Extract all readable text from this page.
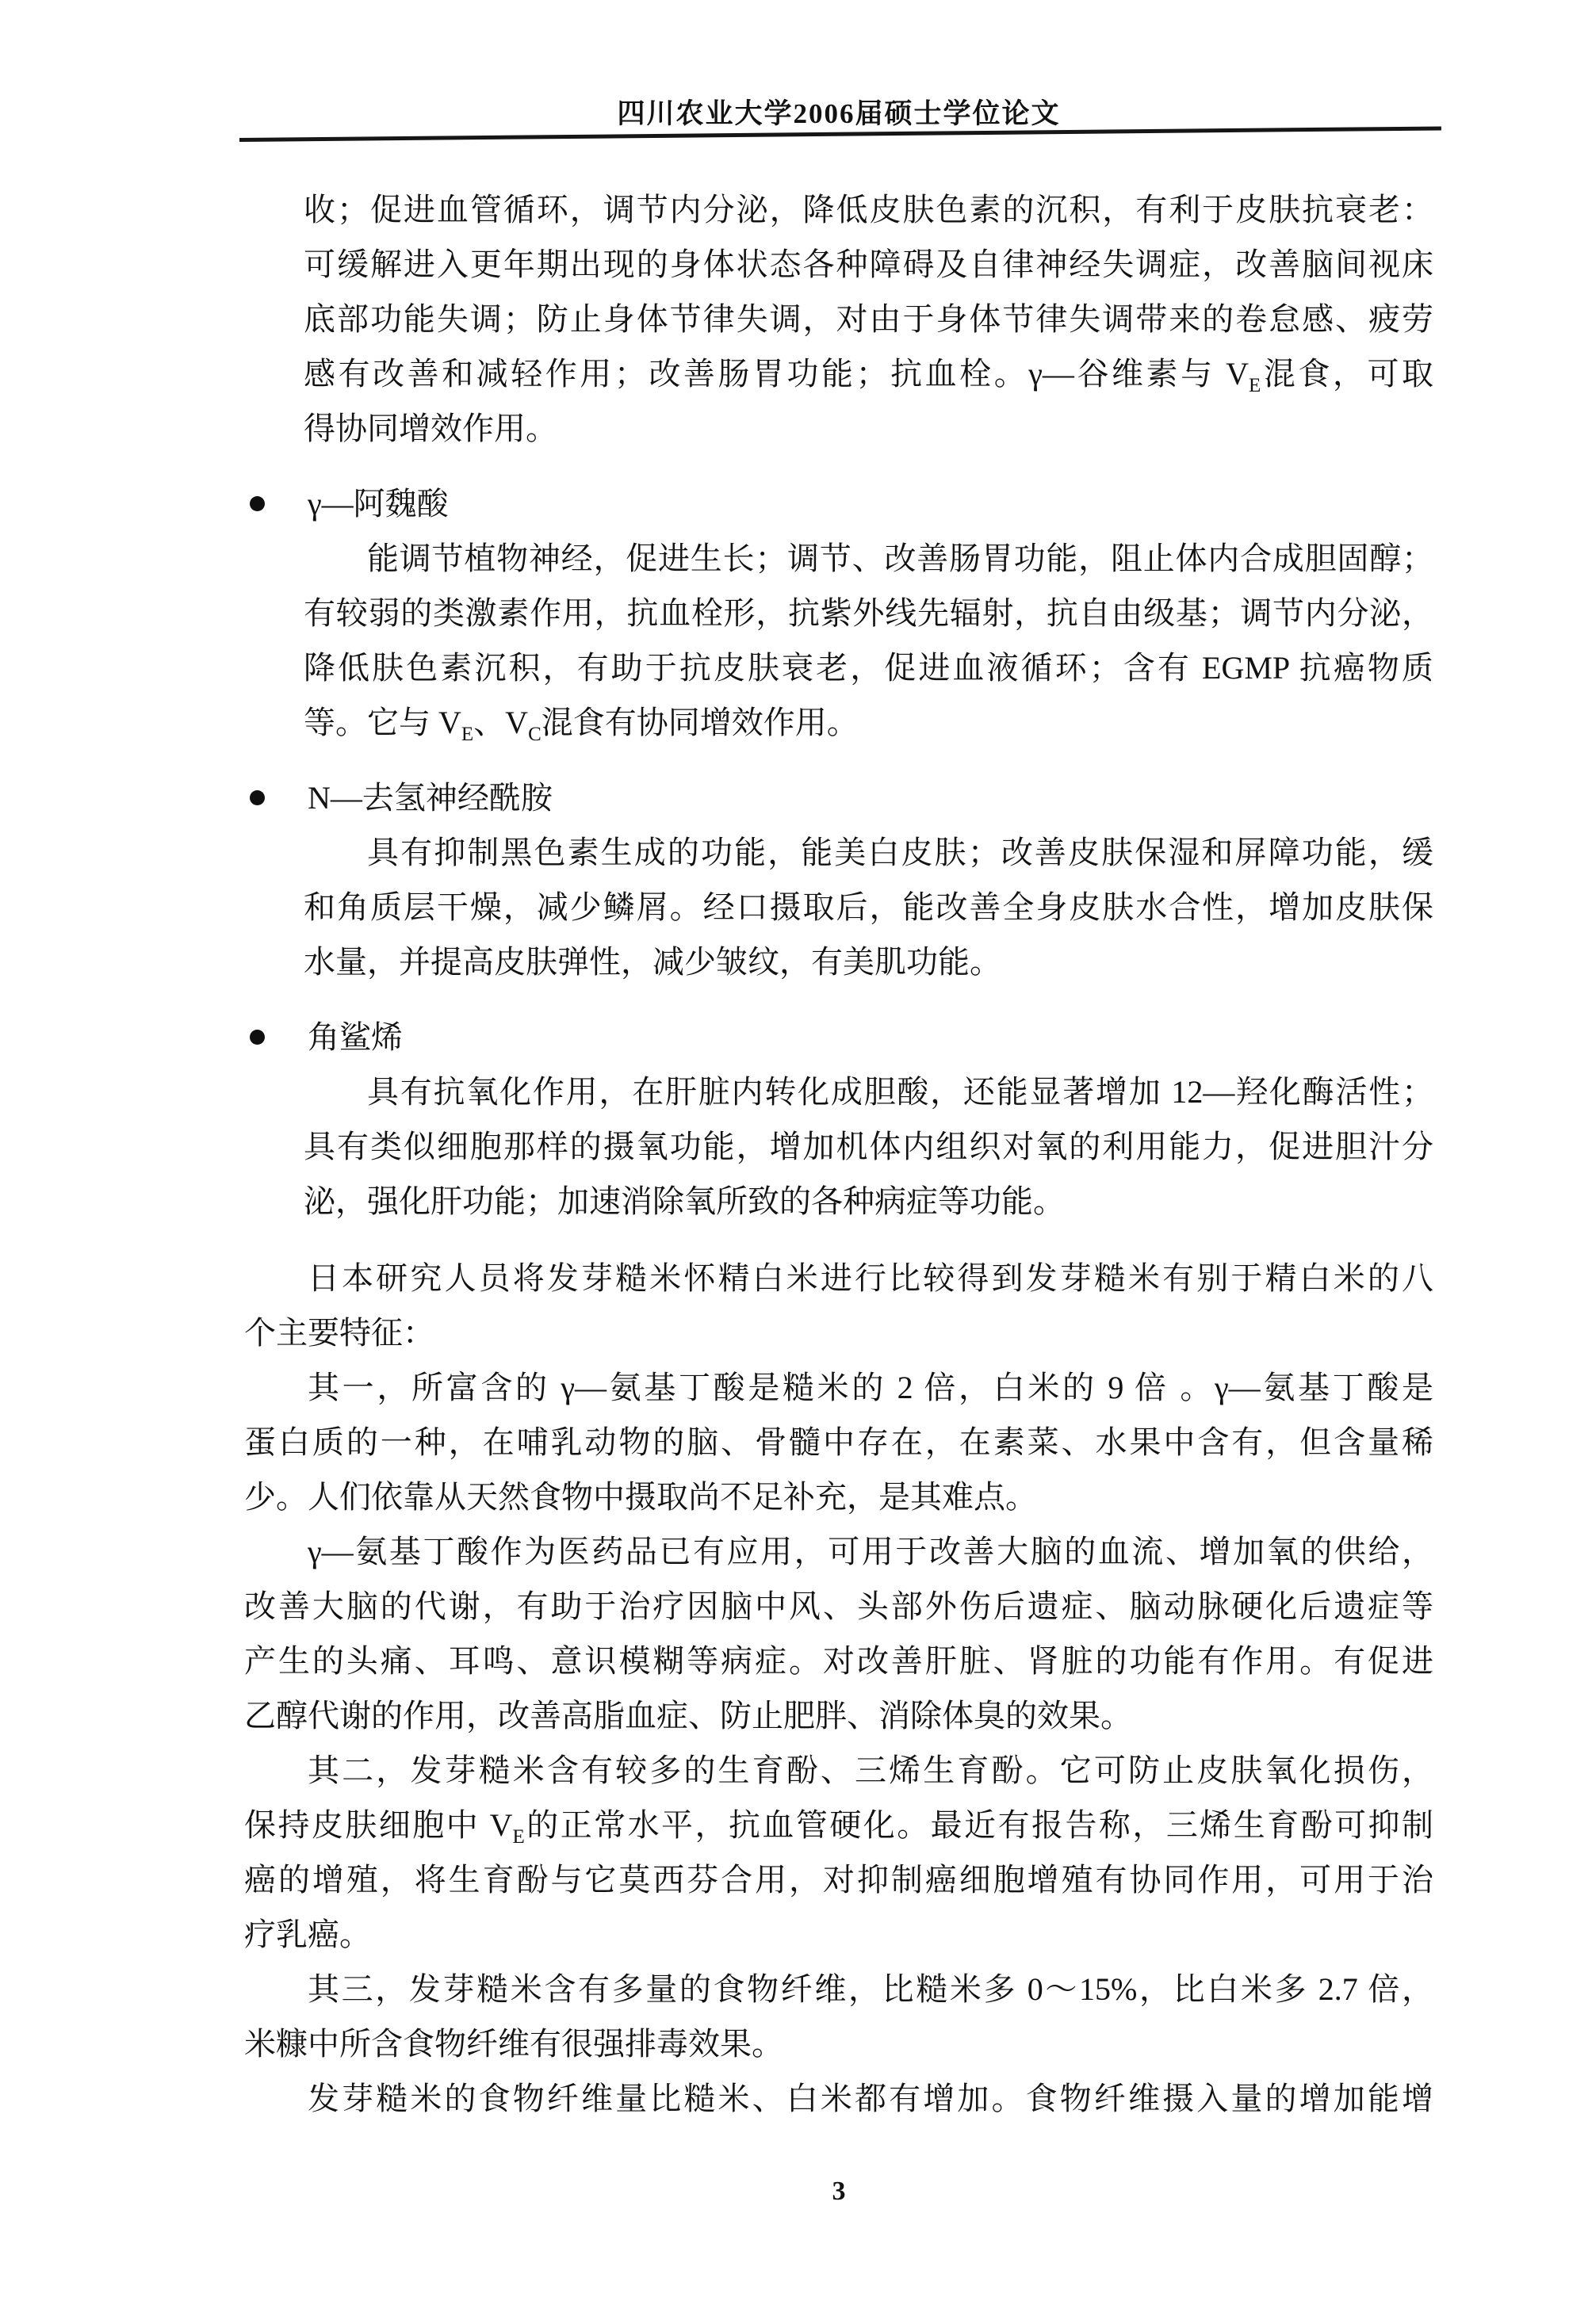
四川农业大学2006届硕士学位论文
收；促进血管循环，调节内分泌，降低皮肤色素的沉积，有利于皮肤抗衰老：
可缓解进入更年期出现的身体状态各种障碍及自律神经失调症，改善脑间视床
底部功能失调；防止身体节律失调，对由于身体节律失调带来的卷怠感、疲劳
感有改善和减轻作用；改善肠胃功能；抗血栓。γ—谷维素与 $V_E$混食，可取
得协同增效作用。
γ—阿魏酸
能调节植物神经，促进生长；调节、改善肠胃功能，阻止体内合成胆固醇；
有较弱的类激素作用，抗血栓形，抗紫外线先辐射，抗自由级基；调节内分泌，
降低肤色素沉积，有助于抗皮肤衰老，促进血液循环；含有 EGMP 抗癌物质
等。它与 $V_E$、$V_C$混食有协同增效作用。
N—去氢神经酰胺
具有抑制黑色素生成的功能，能美白皮肤；改善皮肤保湿和屏障功能，缓
和角质层干燥，减少鳞屑。经口摄取后，能改善全身皮肤水合性，增加皮肤保
水量，并提高皮肤弹性，减少皱纹，有美肌功能。
角鲨烯
具有抗氧化作用，在肝脏内转化成胆酸，还能显著增加 12—羟化酶活性；
具有类似细胞那样的摄氧功能，增加机体内组织对氧的利用能力，促进胆汁分
泌，强化肝功能；加速消除氧所致的各种病症等功能。
日本研究人员将发芽糙米怀精白米进行比较得到发芽糙米有别于精白米的八
个主要特征：
其一，所富含的 γ—氨基丁酸是糙米的 2 倍，白米的 9 倍 。γ—氨基丁酸是
蛋白质的一种，在哺乳动物的脑、骨髓中存在，在素菜、水果中含有，但含量稀
少。人们依靠从天然食物中摄取尚不足补充，是其难点。
γ—氨基丁酸作为医药品已有应用，可用于改善大脑的血流、增加氧的供给，
改善大脑的代谢，有助于治疗因脑中风、头部外伤后遗症、脑动脉硬化后遗症等
产生的头痛、耳鸣、意识模糊等病症。对改善肝脏、肾脏的功能有作用。有促进
乙醇代谢的作用，改善高脂血症、防止肥胖、消除体臭的效果。
其二，发芽糙米含有较多的生育酚、三烯生育酚。它可防止皮肤氧化损伤，
保持皮肤细胞中 $V_E$的正常水平，抗血管硬化。最近有报告称，三烯生育酚可抑制
癌的增殖，将生育酚与它莫西芬合用，对抑制癌细胞增殖有协同作用，可用于治
疗乳癌。
其三，发芽糙米含有多量的食物纤维，比糙米多 0～15%，比白米多 2.7 倍，
米糠中所含食物纤维有很强排毒效果。
发芽糙米的食物纤维量比糙米、白米都有增加。食物纤维摄入量的增加能增
3
